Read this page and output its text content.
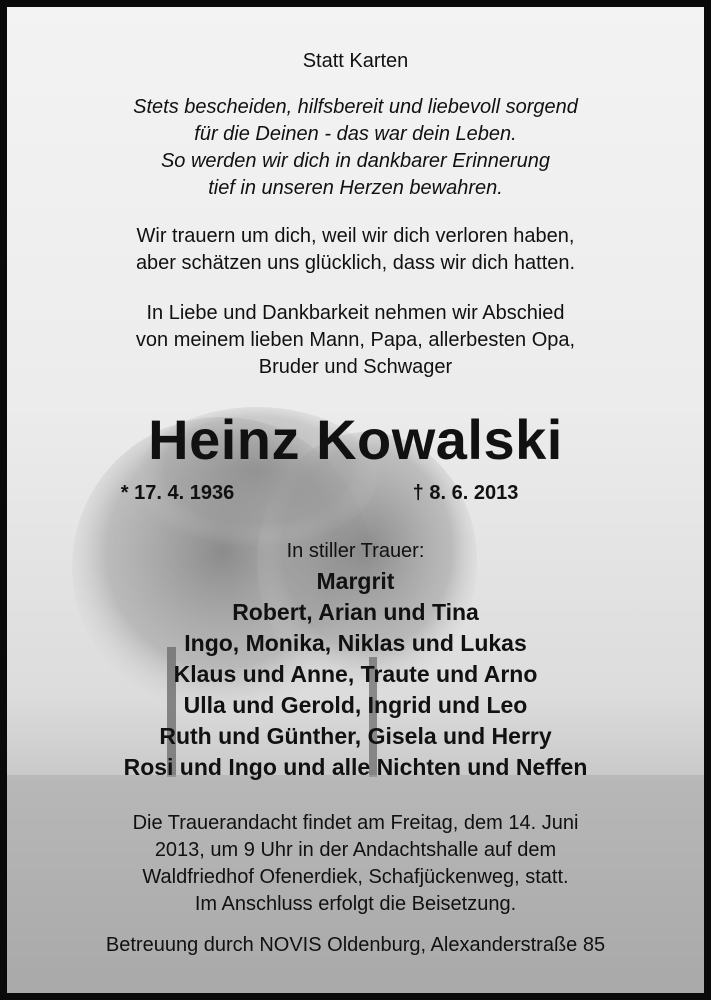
Statt Karten
Stets bescheiden, hilfsbereit und liebevoll sorgend
für die Deinen - das war dein Leben.
So werden wir dich in dankbarer Erinnerung
tief in unseren Herzen bewahren.
Wir trauern um dich, weil wir dich verloren haben,
aber schätzen uns glücklich, dass wir dich hatten.
In Liebe und Dankbarkeit nehmen wir Abschied
von meinem lieben Mann, Papa, allerbesten Opa,
Bruder und Schwager
Heinz Kowalski
* 17. 4. 1936	† 8. 6. 2013
In stiller Trauer:
Margrit
Robert, Arian und Tina
Ingo, Monika, Niklas und Lukas
Klaus und Anne, Traute und Arno
Ulla und Gerold, Ingrid und Leo
Ruth und Günther, Gisela und Herry
Rosi und Ingo und alle Nichten und Neffen
Die Trauerandacht findet am Freitag, dem 14. Juni
2013, um 9 Uhr in der Andachtshalle auf dem
Waldfriedhof Ofenerdiek, Schafjückenweg, statt.
Im Anschluss erfolgt die Beisetzung.
Betreuung durch NOVIS Oldenburg, Alexanderstraße 85
